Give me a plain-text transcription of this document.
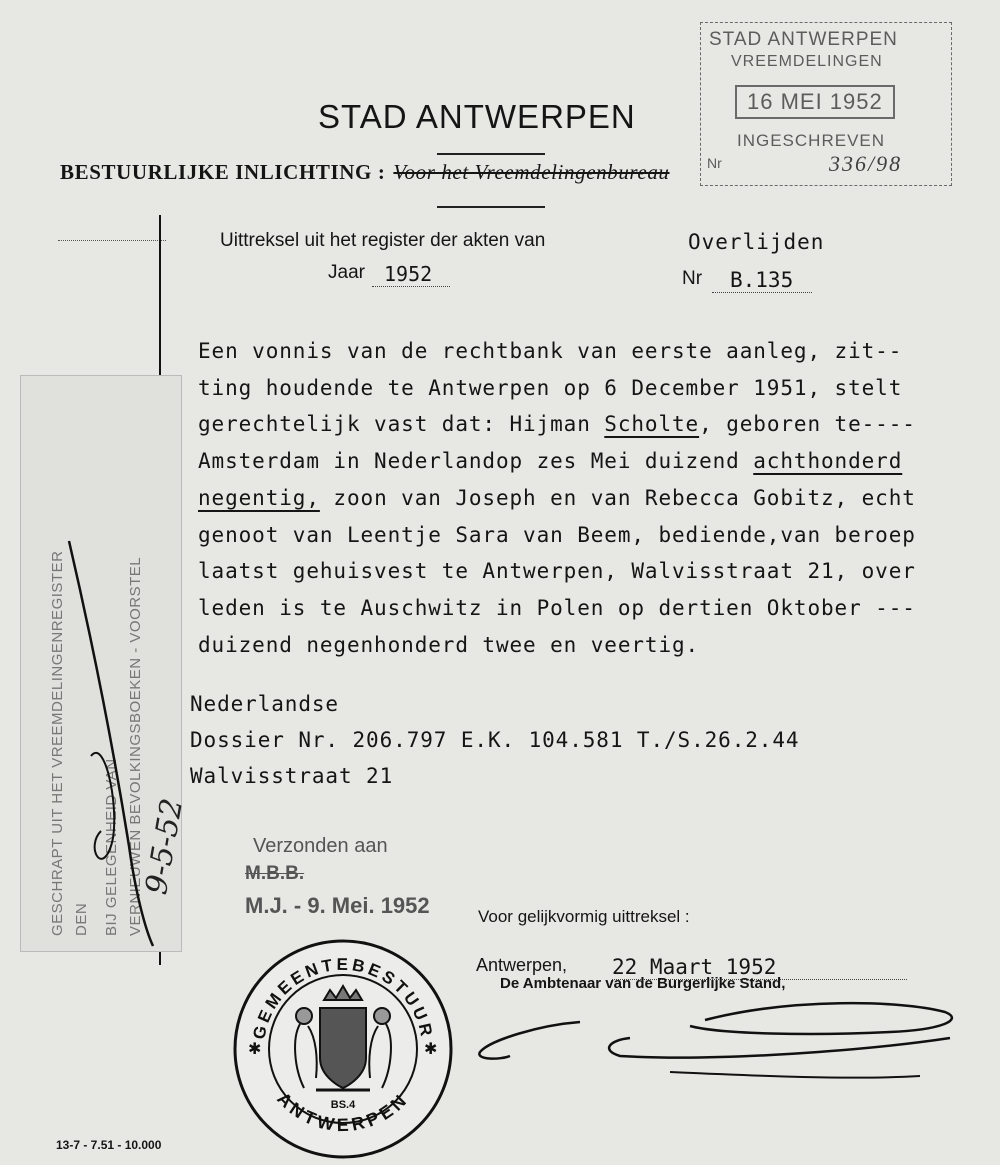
STAD ANTWERPEN
BESTUURLIJKE INLICHTING : Voor het Vreemdelingenbureau
STAD ANTWERPEN
VREEMDELINGEN
16 MEI 1952
INGESCHREVEN
Nr	336/98
Uittreksel uit het register der akten van	Overlijden
Jaar 1952	Nr	B.135
Een vonnis van de rechtbank van eerste aanleg, zit--
ting houdende te Antwerpen op 6 December 1951, stelt
gerechtelijk vast dat: Hijman Scholte, geboren te----
Amsterdam in Nederlandop zes Mei duizend achthonderd
negentig, zoon van Joseph en van Rebecca Gobitz, echt
genoot van Leentje Sara van Beem, bediende,van beroep
laatst gehuisvest te Antwerpen, Walvisstraat 21, over
leden is te Auschwitz in Polen op dertien Oktober ---
duizend negenhonderd twee en veertig.
Nederlandse
Dossier Nr. 206.797 E.K. 104.581 T./S.26.2.44
Walvisstraat 21
GESCHRAPT UIT HET VREEMDELINGENREGISTER DEN BIJ GELEGENHEID VAN VERNIEUWEN BEVOLKINGSBOEKEN - VOORSTEL
9-5-52	Verzonden aan
M.B.B.
M.J. - 9. Mei. 1952	Voor gelijkvormig uittreksel :
Antwerpen, 22 Maart 1952
De Ambtenaar van de Burgerlijke Stand,
GEMEENTEBESTUUR
ANTWERPEN
✱	✱
BS.4
13-7 - 7.51 - 10.000
